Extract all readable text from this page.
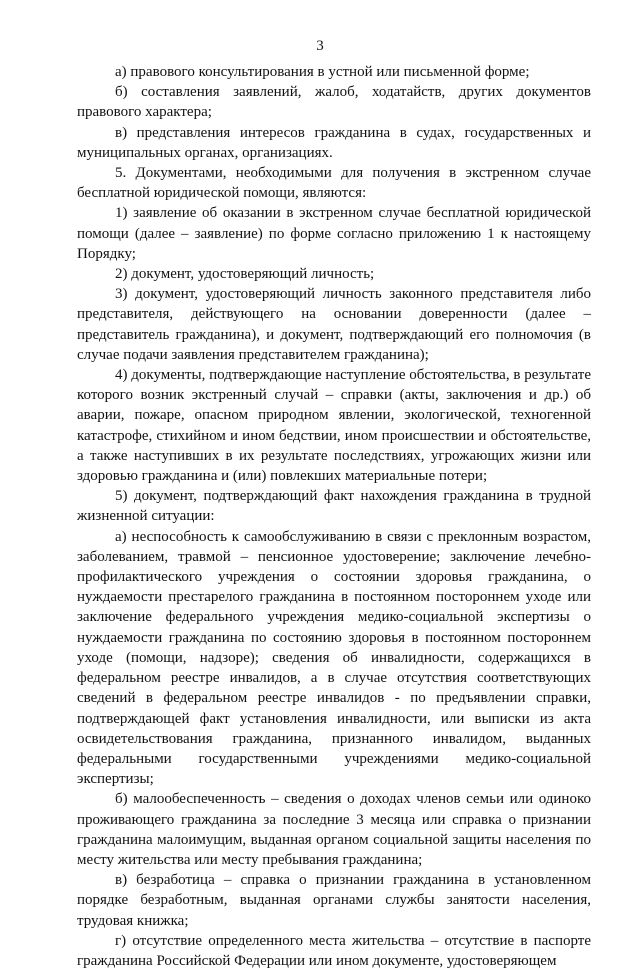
3

а) правового консультирования в устной или письменной форме;

б) составления заявлений, жалоб, ходатайств, других документов правового характера;

в) представления интересов гражданина в судах, государственных и муниципальных органах, организациях.

5. Документами, необходимыми для получения в экстренном случае бесплатной юридической помощи, являются:

1) заявление об оказании в экстренном случае бесплатной юридической помощи (далее – заявление) по форме согласно приложению 1 к настоящему Порядку;

2) документ, удостоверяющий личность;

3) документ, удостоверяющий личность законного представителя либо представителя, действующего на основании доверенности (далее – представитель гражданина), и документ, подтверждающий его полномочия (в случае подачи заявления представителем гражданина);

4) документы, подтверждающие наступление обстоятельства, в результате которого возник экстренный случай – справки (акты, заключения и др.) об аварии, пожаре, опасном природном явлении, экологической, техногенной катастрофе, стихийном и ином бедствии, ином происшествии и обстоятельстве, а также наступивших в их результате последствиях, угрожающих жизни или здоровью гражданина и (или) повлекших материальные потери;

5) документ, подтверждающий факт нахождения гражданина в трудной жизненной ситуации:

а) неспособность к самообслуживанию в связи с преклонным возрастом, заболеванием, травмой – пенсионное удостоверение; заключение лечебно-профилактического учреждения о состоянии здоровья гражданина, о нуждаемости престарелого гражданина в постоянном постороннем уходе или заключение федерального учреждения медико-социальной экспертизы о нуждаемости гражданина по состоянию здоровья в постоянном постороннем уходе (помощи, надзоре); сведения об инвалидности, содержащихся в федеральном реестре инвалидов, а в случае отсутствия соответствующих сведений в федеральном реестре инвалидов - по предъявлении справки, подтверждающей факт установления инвалидности, или выписки из акта освидетельствования гражданина, признанного инвалидом, выданных федеральными государственными учреждениями медико-социальной экспертизы;

б) малообеспеченность – сведения о доходах членов семьи или одиноко проживающего гражданина за последние 3 месяца или справка о признании гражданина малоимущим, выданная органом социальной защиты населения по месту жительства или месту пребывания гражданина;

в) безработица – справка о признании гражданина в установленном порядке безработным, выданная органами службы занятости населения, трудовая книжка;

г) отсутствие определенного места жительства – отсутствие в паспорте гражданина Российской Федерации или ином документе, удостоверяющем
